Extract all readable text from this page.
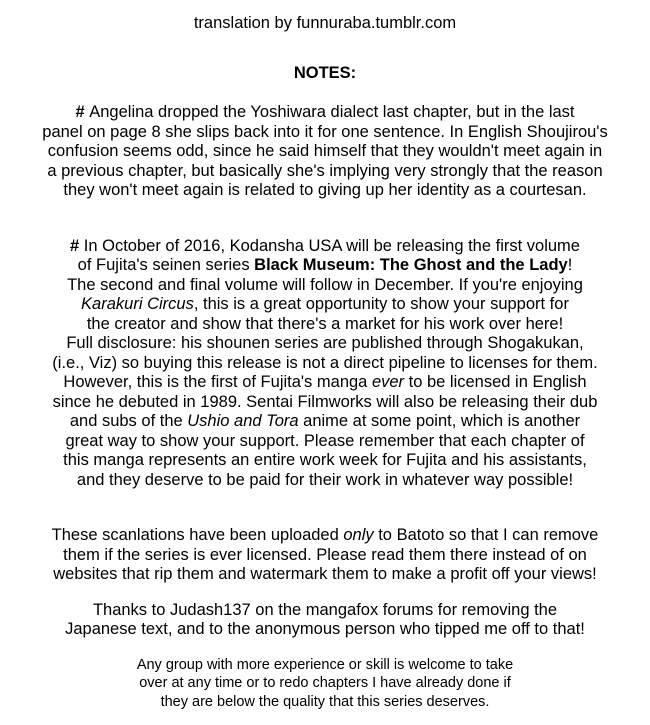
translation by funnuraba.tumblr.com
NOTES:
# Angelina dropped the Yoshiwara dialect last chapter, but in the last
panel on page 8 she slips back into it for one sentence. In English Shoujirou's
confusion seems odd, since he said himself that they wouldn't meet again in
a previous chapter, but basically she's implying very strongly that the reason
they won't meet again is related to giving up her identity as a courtesan.
# In October of 2016, Kodansha USA will be releasing the first volume
of Fujita's seinen series Black Museum: The Ghost and the Lady!
The second and final volume will follow in December. If you're enjoying
Karakuri Circus, this is a great opportunity to show your support for
the creator and show that there's a market for his work over here!
Full disclosure: his shounen series are published through Shogakukan,
(i.e., Viz) so buying this release is not a direct pipeline to licenses for them.
However, this is the first of Fujita's manga ever to be licensed in English
since he debuted in 1989. Sentai Filmworks will also be releasing their dub
and subs of the Ushio and Tora anime at some point, which is another
great way to show your support. Please remember that each chapter of
this manga represents an entire work week for Fujita and his assistants,
and they deserve to be paid for their work in whatever way possible!
These scanlations have been uploaded only to Batoto so that I can remove
them if the series is ever licensed. Please read them there instead of on
websites that rip them and watermark them to make a profit off your views!
Thanks to Judash137 on the mangafox forums for removing the
Japanese text, and to the anonymous person who tipped me off to that!
Any group with more experience or skill is welcome to take
over at any time or to redo chapters I have already done if
they are below the quality that this series deserves.
